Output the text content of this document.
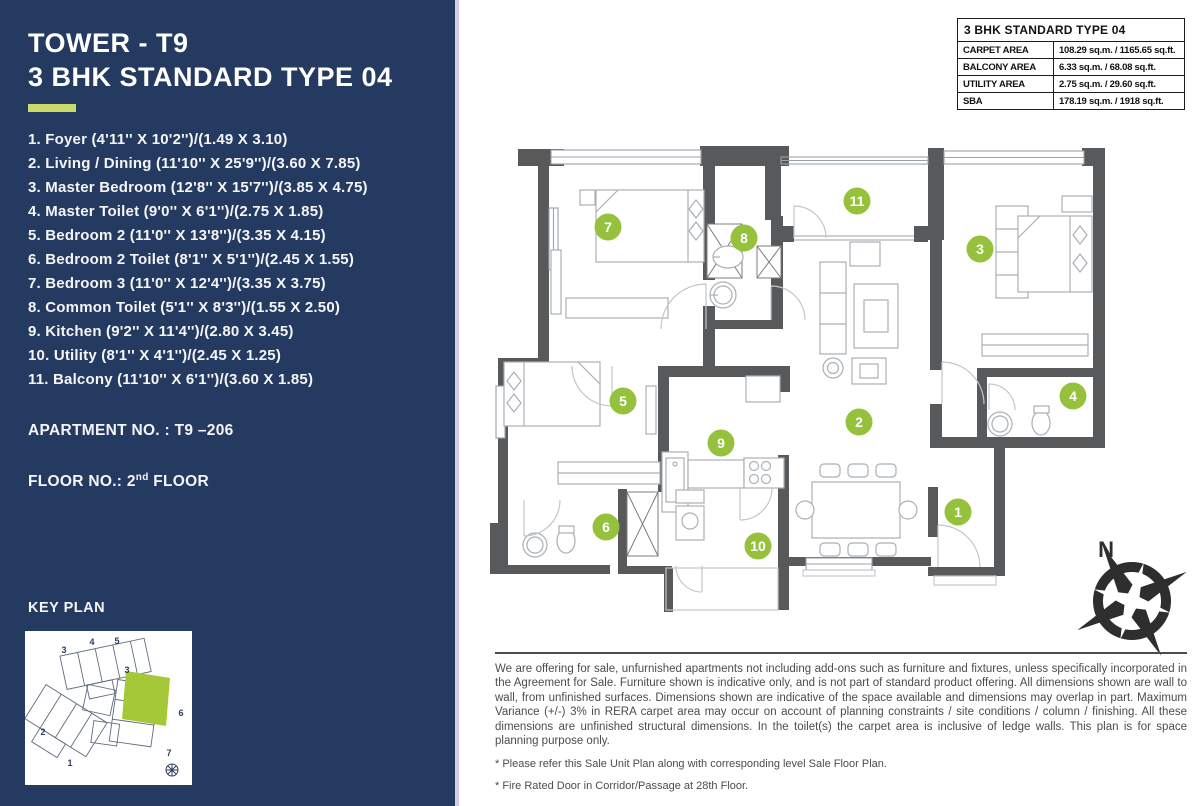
TOWER - T9
3 BHK STANDARD TYPE 04
1. Foyer (4'11'' X 10'2'')/(1.49 X 3.10)
2. Living / Dining (11'10'' X 25'9'')/(3.60 X 7.85)
3. Master Bedroom (12'8'' X 15'7'')/(3.85 X 4.75)
4. Master Toilet (9'0'' X 6'1'')/(2.75 X 1.85)
5. Bedroom 2 (11'0'' X 13'8'')/(3.35 X 4.15)
6. Bedroom 2 Toilet (8'1'' X 5'1'')/(2.45 X 1.55)
7. Bedroom 3 (11'0'' X 12'4'')/(3.35 X 3.75)
8. Common Toilet (5'1'' X 8'3'')/(1.55 X 2.50)
9. Kitchen (9'2'' X 11'4'')/(2.80 X 3.45)
10. Utility (8'1'' X 4'1'')/(2.45 X 1.25)
11. Balcony (11'10'' X 6'1'')/(3.60 X 1.85)
APARTMENT NO. : T9 –206
FLOOR NO.: 2nd FLOOR
KEY PLAN
3
4 5
3
2
1
6
7
3 BHK STANDARD TYPE 04	
CARPET AREA	108.29 sq.m. / 1165.65 sq.ft.
BALCONY AREA	6.33 sq.m. / 68.08 sq.ft.
UTILITY AREA	2.75 sq.m. / 29.60 sq.ft.
SBA	178.19 sq.m. / 1918 sq.ft.
1
2
3
4
5
6
7
8
9
10
11
N

We are offering for sale, unfurnished apartments not including add-ons such as furniture and fixtures, unless specifically incorporated in the Agreement for Sale. Furniture shown is indicative only, and is not part of standard product offering. All dimensions shown are wall to wall, from unfinished surfaces. Dimensions shown are indicative of the space available and dimensions may overlap in part. Maximum Variance (+/-) 3% in RERA carpet area may occur on account of planning constraints / site conditions / column / finishing. All these dimensions are unfinished structural dimensions. In the toilet(s) the carpet area is inclusive of ledge walls. This plan is for space planning purpose only.

* Please refer this Sale Unit Plan along with corresponding level Sale Floor Plan.

* Fire Rated Door in Corridor/Passage at 28th Floor.
